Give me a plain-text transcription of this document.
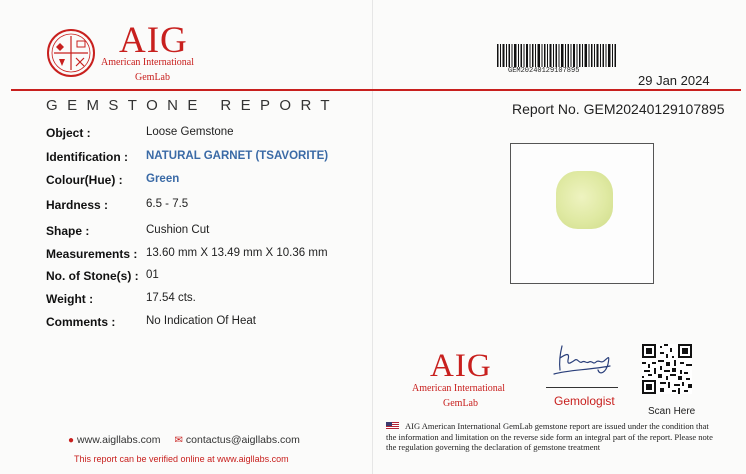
AIG
American International
GemLab
GEM20240129107895
29 Jan 2024
GEMSTONE REPORT	Report No. GEM20240129107895
Object :	Loose Gemstone
Identification : NATURAL GARNET (TSAVORITE)
Colour(Hue) : Green
Hardness :	6.5 - 7.5
Shape :	Cushion Cut
Measurements : 13.60 mm X 13.49 mm X 10.36 mm
No. of Stone(s) : 01
Weight :	17.54 cts.
Comments :	No Indication Of Heat
AIG
American International
GemLab	Gemologist
Scan Here
AIG American International GemLab gemstone report are issued under the condition that the information and limitation on the reverse side form an integral part of the report. Please note the regulation governing the declaration of gemstone treatment
● www.aigllabs.com ✉ contactus@aigllabs.com
This report can be verified online at www.aigllabs.com
